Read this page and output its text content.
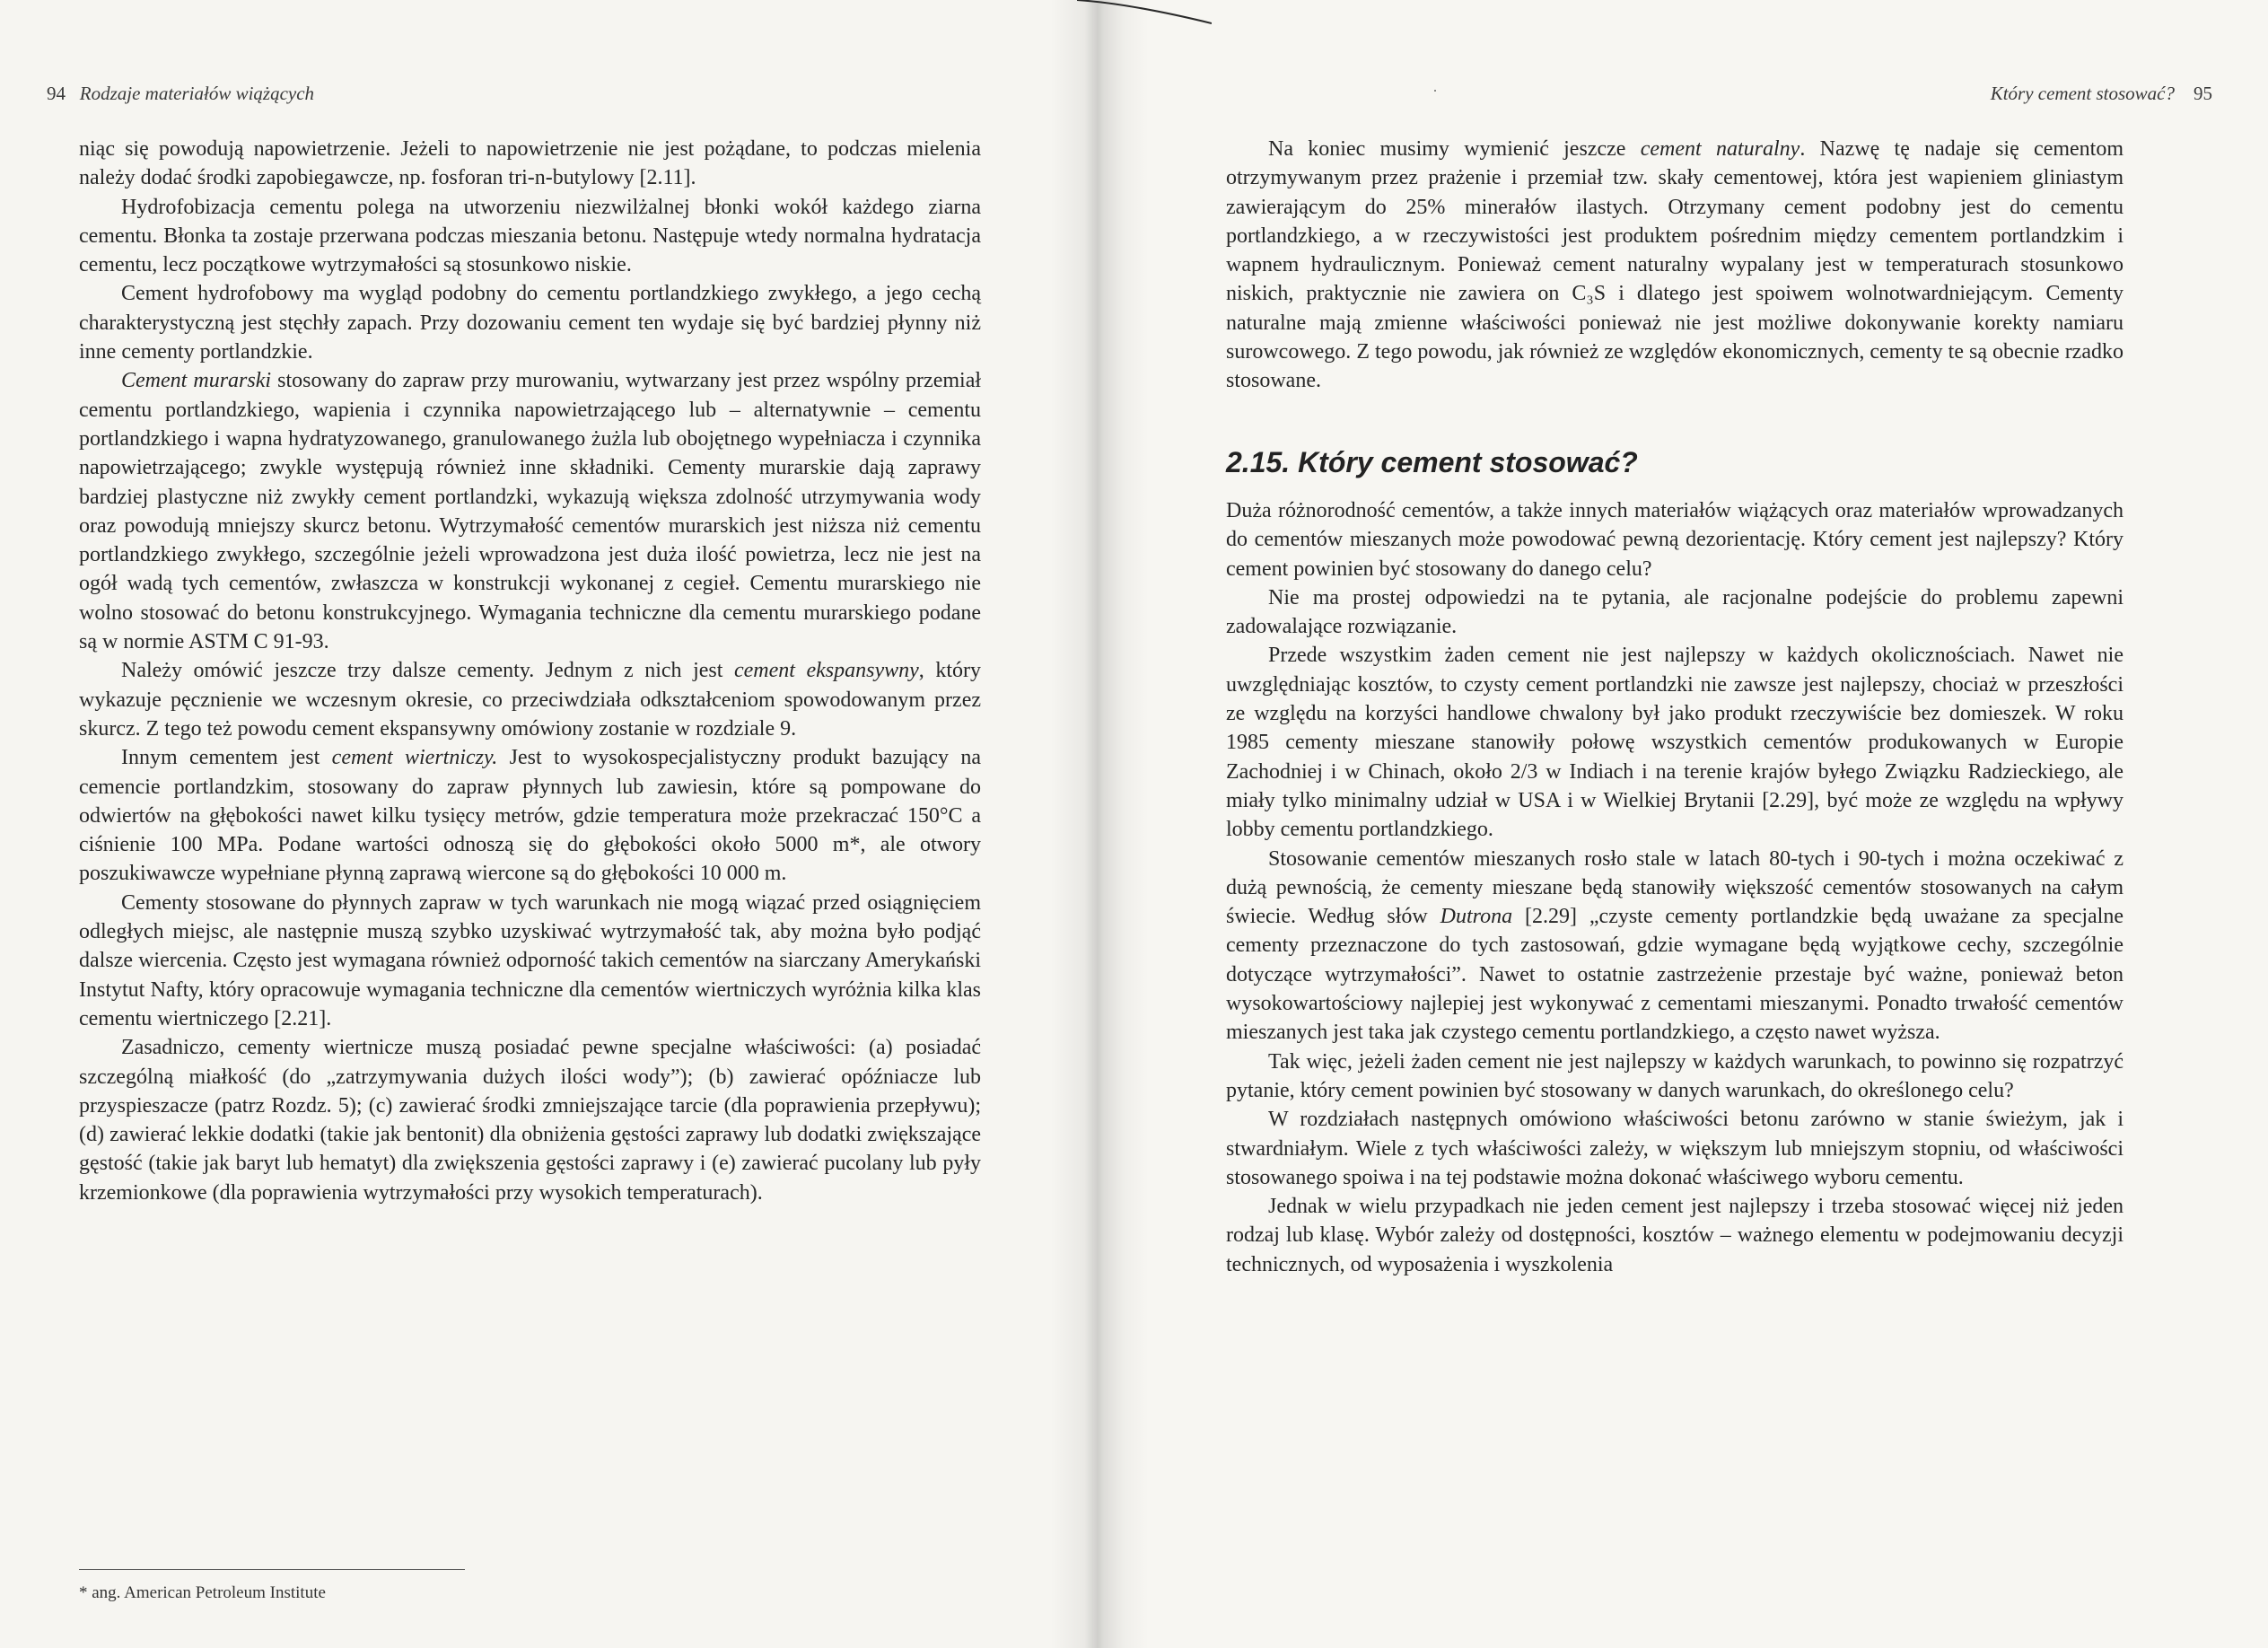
94 Rodzaje materiałów wiążących

niąc się powodują napowietrzenie. Jeżeli to napowietrzenie nie jest pożądane, to podczas mielenia należy dodać środki zapobiegawcze, np. fosforan tri-n-butylowy [2.11].

Hydrofobizacja cementu polega na utworzeniu niezwilżalnej błonki wokół każdego ziarna cementu. Błonka ta zostaje przerwana podczas mieszania betonu. Następuje wtedy normalna hydratacja cementu, lecz początkowe wytrzymałości są stosunkowo niskie.

Cement hydrofobowy ma wygląd podobny do cementu portlandzkiego zwykłego, a jego cechą charakterystyczną jest stęchły zapach. Przy dozowaniu cement ten wydaje się być bardziej płynny niż inne cementy portlandzkie.

Cement murarski stosowany do zapraw przy murowaniu, wytwarzany jest przez wspólny przemiał cementu portlandzkiego, wapienia i czynnika napowietrzającego lub – alternatywnie – cementu portlandzkiego i wapna hydratyzowanego, granulowanego żużla lub obojętnego wypełniacza i czynnika napowietrzającego; zwykle występują również inne składniki. Cementy murarskie dają zaprawy bardziej plastyczne niż zwykły cement portlandzki, wykazują większa zdolność utrzymywania wody oraz powodują mniejszy skurcz betonu. Wytrzymałość cementów murarskich jest niższa niż cementu portlandzkiego zwykłego, szczególnie jeżeli wprowadzona jest duża ilość powietrza, lecz nie jest na ogół wadą tych cementów, zwłaszcza w konstrukcji wykonanej z cegieł. Cementu murarskiego nie wolno stosować do betonu konstrukcyjnego. Wymagania techniczne dla cementu murarskiego podane są w normie ASTM C 91-93.

Należy omówić jeszcze trzy dalsze cementy. Jednym z nich jest cement ekspansywny, który wykazuje pęcznienie we wczesnym okresie, co przeciwdziała odkształceniom spowodowanym przez skurcz. Z tego też powodu cement ekspansywny omówiony zostanie w rozdziale 9.

Innym cementem jest cement wiertniczy. Jest to wysokospecjalistyczny produkt bazujący na cemencie portlandzkim, stosowany do zapraw płynnych lub zawiesin, które są pompowane do odwiertów na głębokości nawet kilku tysięcy metrów, gdzie temperatura może przekraczać 150°C a ciśnienie 100 MPa. Podane wartości odnoszą się do głębokości około 5000 m*, ale otwory poszukiwawcze wypełniane płynną zaprawą wiercone są do głębokości 10 000 m.

Cementy stosowane do płynnych zapraw w tych warunkach nie mogą wiązać przed osiągnięciem odległych miejsc, ale następnie muszą szybko uzyskiwać wytrzymałość tak, aby można było podjąć dalsze wiercenia. Często jest wymagana również odporność takich cementów na siarczany Amerykański Instytut Nafty, który opracowuje wymagania techniczne dla cementów wiertniczych wyróżnia kilka klas cementu wiertniczego [2.21].

Zasadniczo, cementy wiertnicze muszą posiadać pewne specjalne właściwości: (a) posiadać szczególną miałkość (do „zatrzymywania dużych ilości wody”); (b) zawierać opóźniacze lub przyspieszacze (patrz Rozdz. 5); (c) zawierać środki zmniejszające tarcie (dla poprawienia przepływu); (d) zawierać lekkie dodatki (takie jak bentonit) dla obniżenia gęstości zaprawy lub dodatki zwiększające gęstość (takie jak baryt lub hematyt) dla zwiększenia gęstości zaprawy i (e) zawierać pucolany lub pyły krzemionkowe (dla poprawienia wytrzymałości przy wysokich temperaturach).

* ang. American Petroleum Institute
Który cement stosować? 95

Na koniec musimy wymienić jeszcze cement naturalny. Nazwę tę nadaje się cementom otrzymywanym przez prażenie i przemiał tzw. skały cementowej, która jest wapieniem gliniastym zawierającym do 25% minerałów ilastych. Otrzymany cement podobny jest do cementu portlandzkiego, a w rzeczywistości jest produktem pośrednim między cementem portlandzkim i wapnem hydraulicznym. Ponieważ cement naturalny wypalany jest w temperaturach stosunkowo niskich, praktycznie nie zawiera on C₃S i dlatego jest spoiwem wolnotwardniejącym. Cementy naturalne mają zmienne właściwości ponieważ nie jest możliwe dokonywanie korekty namiaru surowcowego. Z tego powodu, jak również ze względów ekonomicznych, cementy te są obecnie rzadko stosowane.

2.15. Który cement stosować?

Duża różnorodność cementów, a także innych materiałów wiążących oraz materiałów wprowadzanych do cementów mieszanych może powodować pewną dezorientację. Który cement jest najlepszy? Który cement powinien być stosowany do danego celu?

Nie ma prostej odpowiedzi na te pytania, ale racjonalne podejście do problemu zapewni zadowalające rozwiązanie.

Przede wszystkim żaden cement nie jest najlepszy w każdych okolicznościach. Nawet nie uwzględniając kosztów, to czysty cement portlandzki nie zawsze jest najlepszy, chociaż w przeszłości ze względu na korzyści handlowe chwalony był jako produkt rzeczywiście bez domieszek. W roku 1985 cementy mieszane stanowiły połowę wszystkich cementów produkowanych w Europie Zachodniej i w Chinach, około 2/3 w Indiach i na terenie krajów byłego Związku Radzieckiego, ale miały tylko minimalny udział w USA i w Wielkiej Brytanii [2.29], być może ze względu na wpływy lobby cementu portlandzkiego.

Stosowanie cementów mieszanych rosło stale w latach 80-tych i 90-tych i można oczekiwać z dużą pewnością, że cementy mieszane będą stanowiły większość cementów stosowanych na całym świecie. Według słów Dutrona [2.29] „czyste cementy portlandzkie będą uważane za specjalne cementy przeznaczone do tych zastosowań, gdzie wymagane będą wyjątkowe cechy, szczególnie dotyczące wytrzymałości”. Nawet to ostatnie zastrzeżenie przestaje być ważne, ponieważ beton wysokowartościowy najlepiej jest wykonywać z cementami mieszanymi. Ponadto trwałość cementów mieszanych jest taka jak czystego cementu portlandzkiego, a często nawet wyższa.

Tak więc, jeżeli żaden cement nie jest najlepszy w każdych warunkach, to powinno się rozpatrzyć pytanie, który cement powinien być stosowany w danych warunkach, do określonego celu?

W rozdziałach następnych omówiono właściwości betonu zarówno w stanie świeżym, jak i stwardniałym. Wiele z tych właściwości zależy, w większym lub mniejszym stopniu, od właściwości stosowanego spoiwa i na tej podstawie można dokonać właściwego wyboru cementu.

Jednak w wielu przypadkach nie jeden cement jest najlepszy i trzeba stosować więcej niż jeden rodzaj lub klasę. Wybór zależy od dostępności, kosztów – ważnego elementu w podejmowaniu decyzji technicznych, od wyposażenia i wyszkolenia
